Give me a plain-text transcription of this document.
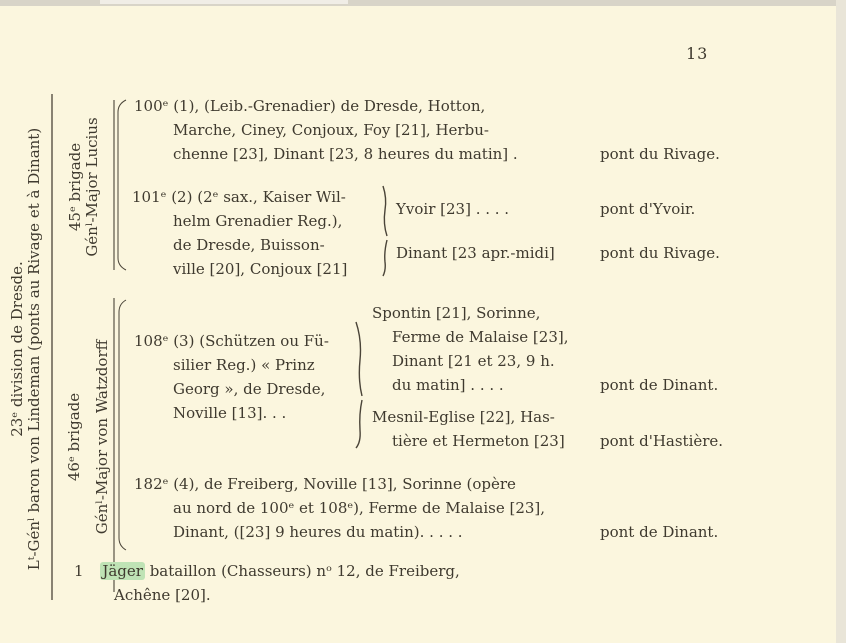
13
Lᵗ-Génˡ baron von Lindeman (ponts au Rivage et à Dinant)
23ᵉ division de Dresde.
45ᵉ brigade Génˡ-Major Lucius
46ᵉ brigade Génˡ-Major von Watzdorff
100ᵉ (1), (Leib.-Grenadier) de Dresde, Hotton,
Marche, Ciney, Conjoux, Foy [21], Herbu-
chenne [23], Dinant [23, 8 heures du matin] .	pont du Rivage.
101ᵉ (2) (2ᵉ sax., Kaiser Wil-
helm Grenadier Reg.),
de Dresde, Buisson-
ville [20], Conjoux [21]
Yvoir [23] . . . .	pont d'Yvoir.
Dinant [23 apr.-midi]	pont du Rivage.
108ᵉ (3) (Schützen ou Fü-
silier Reg.) « Prinz
Georg », de Dresde,
Noville [13]. . .
Spontin [21], Sorinne,
Ferme de Malaise [23],
Dinant [21 et 23, 9 h.
du matin] . . . .	pont de Dinant.
Mesnil-Eglise [22], Has-
tière et Hermeton [23] pont d'Hastière.
182ᵉ (4), de Freiberg, Noville [13], Sorinne (opère
au nord de 100ᵉ et 108ᵉ), Ferme de Malaise [23],
Dinant, ([23] 9 heures du matin). . . . .	pont de Dinant.
1 Jäger bataillon (Chasseurs) nᵒ 12, de Freiberg,
Achêne [20].
